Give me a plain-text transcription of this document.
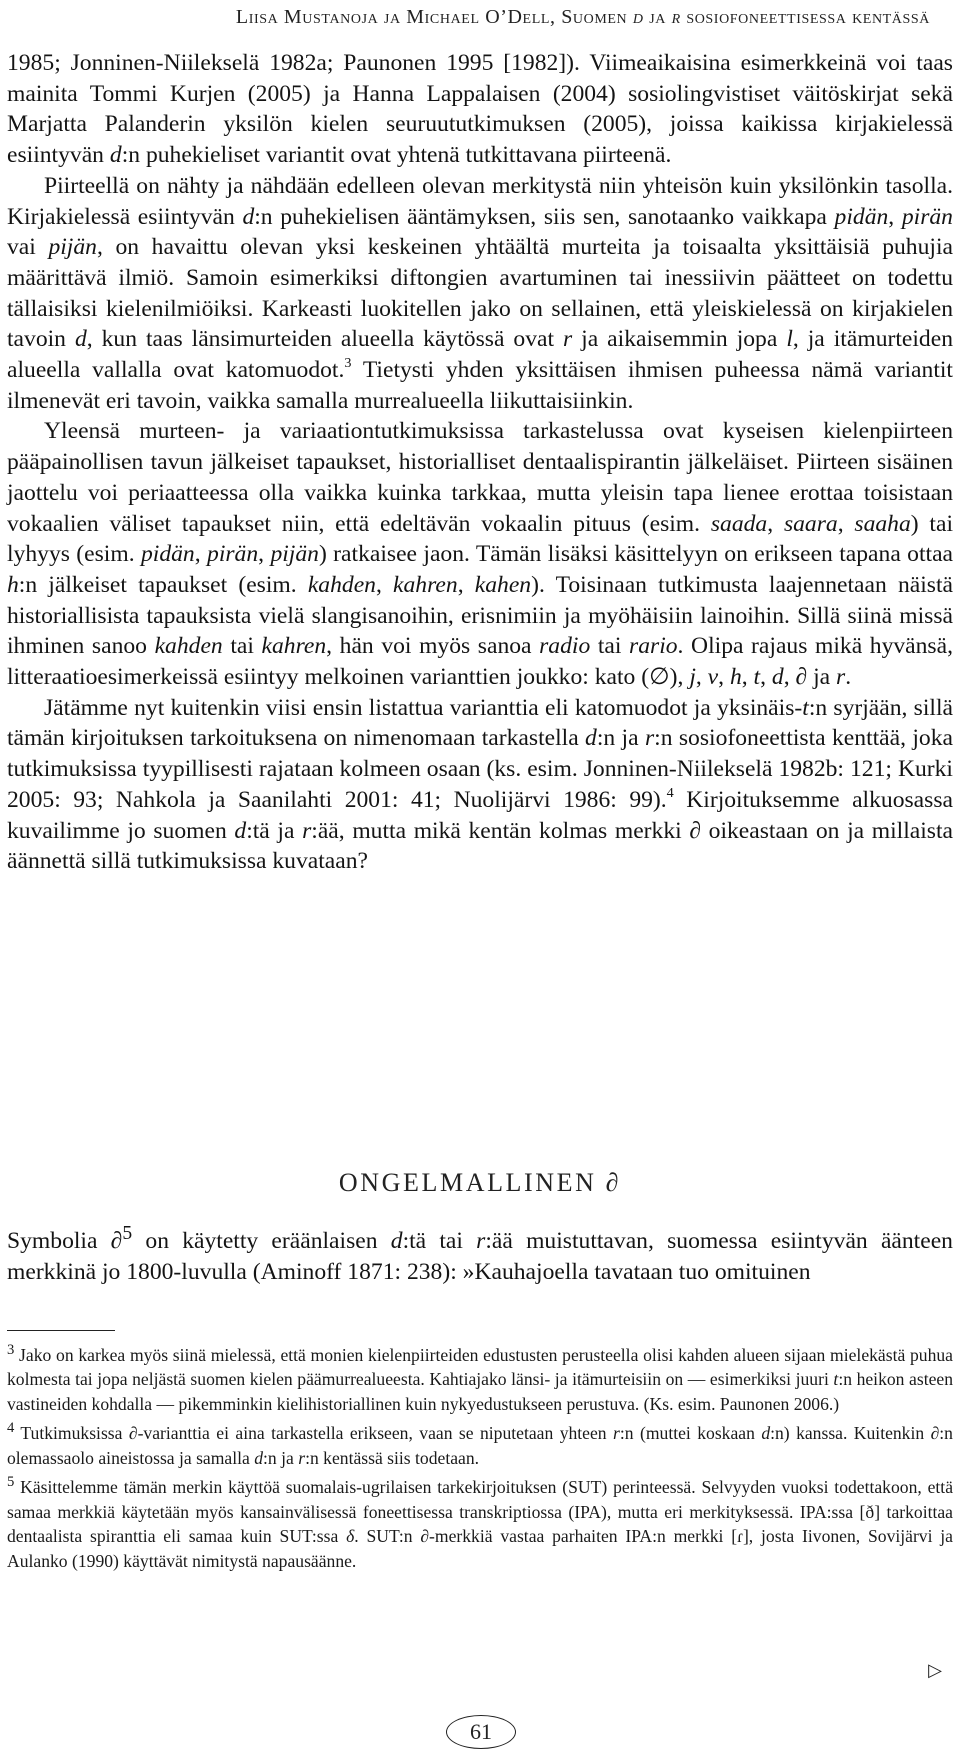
Liisa Mustanoja ja Michael O’Dell, Suomen d ja r sosiofoneettisessa kentässä

1985; Jonninen-Niilekselä 1982a; Paunonen 1995 [1982]). Viimeaikaisina esimerkkeinä voi taas mainita Tommi Kurjen (2005) ja Hanna Lappalaisen (2004) sosiolingvistiset väitöskirjat sekä Marjatta Palanderin yksilön kielen seuruututkimuksen (2005), joissa kaikissa kirjakielessä esiintyvän d:n puhekieliset variantit ovat yhtenä tutkittavana piirteenä.

Piirteellä on nähty ja nähdään edelleen olevan merkitystä niin yhteisön kuin yksilönkin tasolla. Kirjakielessä esiintyvän d:n puhekielisen ääntämyksen, siis sen, sanotaanko vaikkapa pidän, pirän vai pijän, on havaittu olevan yksi keskeinen yhtäältä murteita ja toisaalta yksittäisiä puhujia määrittävä ilmiö. Samoin esimerkiksi diftongien avartuminen tai inessiivin päätteet on todettu tällaisiksi kielenilmiöiksi. Karkeasti luokitellen jako on sellainen, että yleiskielessä on kirjakielen tavoin d, kun taas länsimurteiden alueella käytössä ovat r ja aikaisemmin jopa l, ja itämurteiden alueella vallalla ovat katomuodot.$^3$ Tietysti yhden yksittäisen ihmisen puheessa nämä variantit ilmenevät eri tavoin, vaikka samalla murrealueella liikuttaisiinkin.

Yleensä murteen- ja variaationtutkimuksissa tarkastelussa ovat kyseisen kielenpiirteen pääpainollisen tavun jälkeiset tapaukset, historialliset dentaalispirantin jälkeläiset. Piirteen sisäinen jaottelu voi periaatteessa olla vaikka kuinka tarkkaa, mutta yleisin tapa lienee erottaa toisistaan vokaalien väliset tapaukset niin, että edeltävän vokaalin pituus (esim. saada, saara, saaha) tai lyhyys (esim. pidän, pirän, pijän) ratkaisee jaon. Tämän lisäksi käsittelyyn on erikseen tapana ottaa h:n jälkeiset tapaukset (esim. kahden, kahren, kahen). Toisinaan tutkimusta laajennetaan näistä historiallisista tapauksista vielä slangisanoihin, erisnimiin ja myöhäisiin lainoihin. Sillä siinä missä ihminen sanoo kahden tai kahren, hän voi myös sanoa radio tai rario. Olipa rajaus mikä hyvänsä, litteraatioesimerkeissä esiintyy melkoinen varianttien joukko: kato (∅), j, v, h, t, d, ∂ ja r.

Jätämme nyt kuitenkin viisi ensin listattua varianttia eli katomuodot ja yksinäis-t:n syrjään, sillä tämän kirjoituksen tarkoituksena on nimenomaan tarkastella d:n ja r:n sosiofoneettista kenttää, joka tutkimuksissa tyypillisesti rajataan kolmeen osaan (ks. esim. Jonninen-Niilekselä 1982b: 121; Kurki 2005: 93; Nahkola ja Saanilahti 2001: 41; Nuolijärvi 1986: 99).$^4$ Kirjoituksemme alkuosassa kuvailimme jo suomen d:tä ja r:ää, mutta mikä kentän kolmas merkki ∂ oikeastaan on ja millaista äännettä sillä tutkimuksissa kuvataan?

ONGELMALLINEN ∂

Symbolia ∂$^5$ on käytetty eräänlaisen d:tä tai r:ää muistuttavan, suomessa esiintyvän äänteen merkkinä jo 1800-luvulla (Aminoff 1871: 238): »Kauhajoella tavataan tuo omituinen

$^3$ Jako on karkea myös siinä mielessä, että monien kielenpiirteiden edustusten perusteella olisi kahden alueen sijaan mielekästä puhua kolmesta tai jopa neljästä suomen kielen päämurrealueesta. Kahtiajako länsi- ja itämurteisiin on — esimerkiksi juuri t:n heikon asteen vastineiden kohdalla — pikemminkin kielihistoriallinen kuin nykyedustukseen perustuva. (Ks. esim. Paunonen 2006.)

$^4$ Tutkimuksissa ∂-varianttia ei aina tarkastella erikseen, vaan se niputetaan yhteen r:n (muttei koskaan d:n) kanssa. Kuitenkin ∂:n olemassaolo aineistossa ja samalla d:n ja r:n kentässä siis todetaan.

$^5$ Käsittelemme tämän merkin käyttöä suomalais-ugrilaisen tarkekirjoituksen (SUT) perinteessä. Selvyyden vuoksi todettakoon, että samaa merkkiä käytetään myös kansainvälisessä foneettisessa transkriptiossa (IPA), mutta eri merkityksessä. IPA:ssa [ð] tarkoittaa dentaalista spiranttia eli samaa kuin SUT:ssa δ. SUT:n ∂-merkkiä vastaa parhaiten IPA:n merkki [ɾ], josta Iivonen, Sovijärvi ja Aulanko (1990) käyttävät nimitystä napausäänne.

▷
61
